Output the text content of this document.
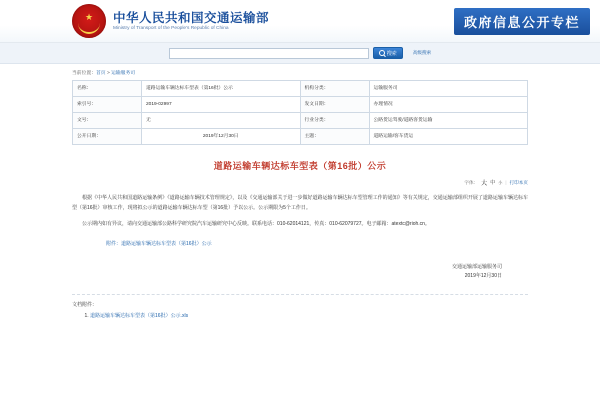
★ 中华人民共和国交通运输部
Ministry of Transport of the People's Republic of China	政府信息公开专栏
搜索	高级搜索
当前位置：首页 > 运输服务司
名称：	道路运输车辆达标车型表（第16批）公示	机构分类：	运输服务司
索引号：	2019-02997	发文日期：	办理情况
文号：	无	行业分类：	公路货运驾驶/道路客货运输
公开日期：	2019年12月30日	主题：	道路运输/客车货运
道路运输车辆达标车型表（第16批）公示
字体： 大 中 小 | 打印本页
根据《中华人民共和国道路运输条例》《道路运输车辆技术管理规定》，以及《交通运输部关于进一步做好道路运输车辆达标车型管理工作的通知》等有关规定，交通运输部组织开展了道路运输车辆达标车型（第16批）审核工作，现将拟公示的道路运输车辆达标车型（第16批）予以公示。公示期限为5个工作日。
公示期内如有异议，请向交通运输部公路科学研究院汽车运输研究中心反映。联系电话：010-62014121，传真：010-62079727。电子邮箱：atextc@rioh.cn。
附件：道路运输车辆达标车型表（第16批）公示
交通运输部运输服务司
2019年12月30日
文档附件：
1. 道路运输车辆达标车型表（第16批）公示.xls
